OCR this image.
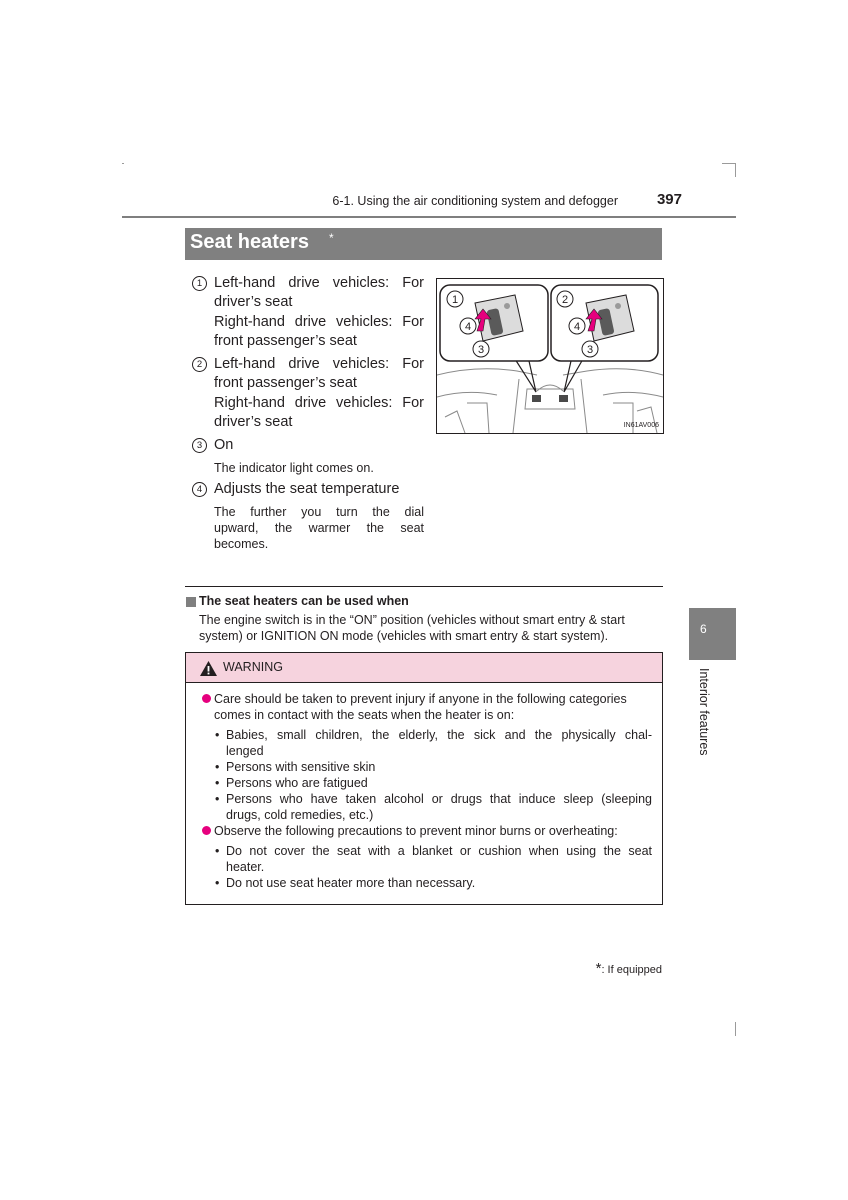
6-1. Using the air conditioning system and defogger	397
Seat heaters *
6
Interior features
1 Left-hand drive vehicles: For
driver’s seat
Right-hand drive vehicles: For
front passenger’s seat
2 Left-hand drive vehicles: For
front passenger’s seat
Right-hand drive vehicles: For
driver’s seat
3 On
The indicator light comes on.
4 Adjusts the seat temperature
The further you turn the dial
upward, the warmer the seat
becomes.
1
4
3
2
4
3
IN61AV006
The seat heaters can be used when
The engine switch is in the “ON” position (vehicles without smart entry & start system) or IGNITION ON mode (vehicles with smart entry & start system).
WARNING
Care should be taken to prevent injury if anyone in the following categories
comes in contact with the seats when the heater is on:
• Babies, small children, the elderly, the sick and the physically chal-
lenged
• Persons with sensitive skin
• Persons who are fatigued
• Persons who have taken alcohol or drugs that induce sleep (sleeping
drugs, cold remedies, etc.)
Observe the following precautions to prevent minor burns or overheating:
• Do not cover the seat with a blanket or cushion when using the seat
heater.
• Do not use seat heater more than necessary.
*: If equipped
